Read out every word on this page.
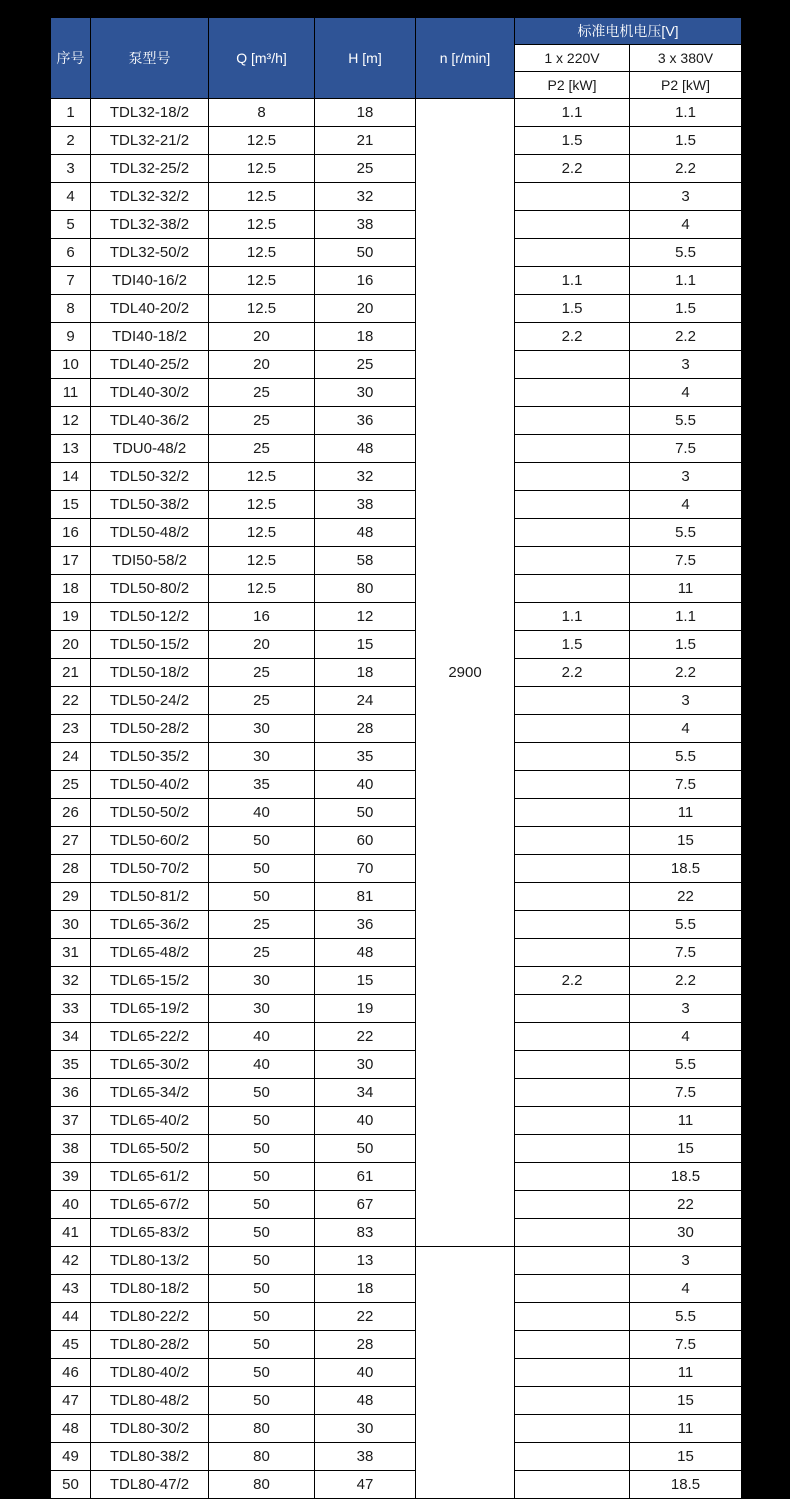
序号	泵型号	Q [m³/h]	H [m]	n [r/min]	标准电机电压[V]	
					1 x 220V	3 x 380V
					P2 [kW]	P2 [kW]
1	TDL32-18/2	8	18	2900	1.1	1.1
2	TDL32-21/2	12.5	21		1.5	1.5
3	TDL32-25/2	12.5	25		2.2	2.2
4	TDL32-32/2	12.5	32			3
5	TDL32-38/2	12.5	38			4
6	TDL32-50/2	12.5	50			5.5
7	TDI40-16/2	12.5	16		1.1	1.1
8	TDL40-20/2	12.5	20		1.5	1.5
9	TDI40-18/2	20	18		2.2	2.2
10	TDL40-25/2	20	25			3
11	TDL40-30/2	25	30			4
12	TDL40-36/2	25	36			5.5
13	TDU0-48/2	25	48			7.5
14	TDL50-32/2	12.5	32			3
15	TDL50-38/2	12.5	38			4
16	TDL50-48/2	12.5	48			5.5
17	TDI50-58/2	12.5	58			7.5
18	TDL50-80/2	12.5	80			11
19	TDL50-12/2	16	12		1.1	1.1
20	TDL50-15/2	20	15		1.5	1.5
21	TDL50-18/2	25	18		2.2	2.2
22	TDL50-24/2	25	24			3
23	TDL50-28/2	30	28			4
24	TDL50-35/2	30	35			5.5
25	TDL50-40/2	35	40			7.5
26	TDL50-50/2	40	50			11
27	TDL50-60/2	50	60			15
28	TDL50-70/2	50	70			18.5
29	TDL50-81/2	50	81			22
30	TDL65-36/2	25	36			5.5
31	TDL65-48/2	25	48			7.5
32	TDL65-15/2	30	15		2.2	2.2
33	TDL65-19/2	30	19			3
34	TDL65-22/2	40	22			4
35	TDL65-30/2	40	30			5.5
36	TDL65-34/2	50	34			7.5
37	TDL65-40/2	50	40			11
38	TDL65-50/2	50	50			15
39	TDL65-61/2	50	61			18.5
40	TDL65-67/2	50	67			22
41	TDL65-83/2	50	83			30
42	TDL80-13/2	50	13			3
43	TDL80-18/2	50	18			4
44	TDL80-22/2	50	22			5.5
45	TDL80-28/2	50	28			7.5
46	TDL80-40/2	50	40			11
47	TDL80-48/2	50	48			15
48	TDL80-30/2	80	30			11
49	TDL80-38/2	80	38			15
50	TDL80-47/2	80	47			18.5
